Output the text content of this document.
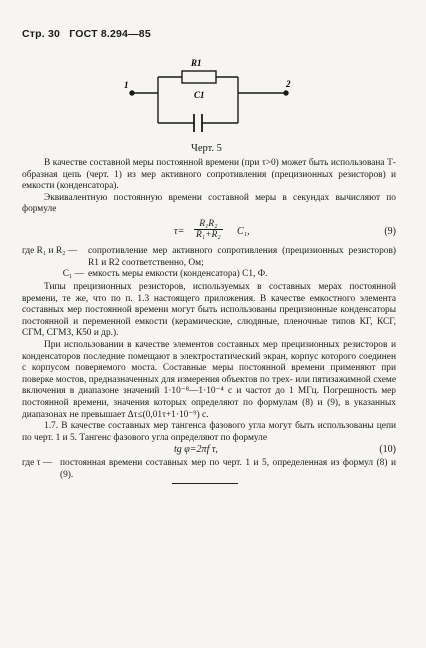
Стр. 30 ГОСТ 8.294—85
R1
C1
1	2
Черт. 5

В качестве составной меры постоянной времени (при τ>0) может быть использована Т-образная цепь (черт. 1) из мер активного сопротивления (прецизионных резисторов) и емкости (конденсатора).

Эквивалентную постоянную времени составной меры в секундах вычисляют по формуле

$\tau= \frac{\text{R₁R₂}}{\text{R₁+R₂}} C_1$,	(9)
где R₁ и R₂ —	сопротивление мер активного сопротивления (прецизионных резисторов) R1 и R2 соответственно, Ом;
C₁ — емкость меры емкости (конденсатора) C1, Ф.

Типы прецизионных резисторов, используемых в составных мерах постоянной времени, те же, что по п. 1.3 настоящего приложения. В качестве емкостного элемента составных мер постоянной времени могут быть использованы прецизионные конденсаторы постоянной и переменной емкости (керамические, слюдяные, пленочные типов КГ, КСГ, СГМ, СГМЗ, К50 и др.).

При использовании в качестве элементов составных мер прецизионных резисторов и конденсаторов последние помещают в электростатический экран, корпус которого соединен с корпусом поверяемого моста. Составные меры постоянной времени применяют при поверке мостов, предназначенных для измерения объектов по трех- или пятизажимной схеме включения в диапазоне значений 1·10⁻⁸—1·10⁻⁴ с и частот до 1 МГц. Погрешность мер постоянной времени, значения которых определяют по формулам (8) и (9), в указанных диапазонах не превышает Δτ≤(0,01τ+1·10⁻⁹) с.

1.7. В качестве составных мер тангенса фазового угла могут быть использованы цепи по черт. 1 и 5. Тангенс фазового угла определяют по формуле

tg φ=2πf τ,	(10)
где τ — постоянная времени составных мер по черт. 1 и 5, определенная из формул (8) и (9).
